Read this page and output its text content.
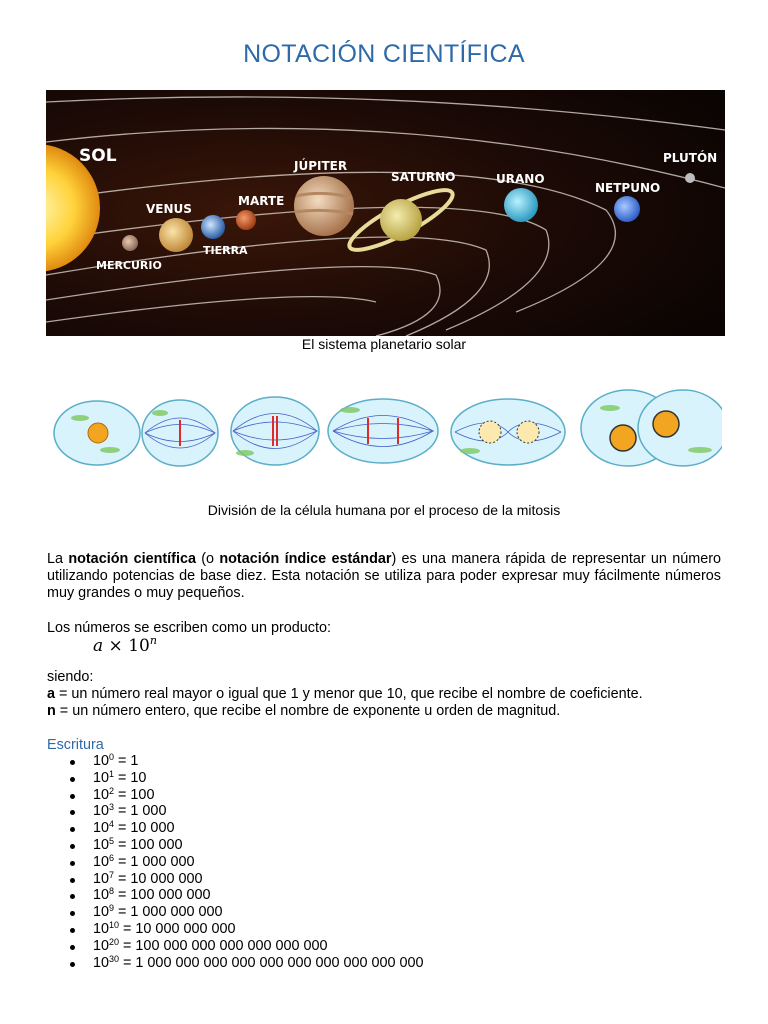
NOTACIÓN CIENTÍFICA
SOL
MERCURIO
VENUS
TIERRA
MARTE
JÚPITER
SATURNO	URANO
NETPUNO
PLUTÓN
El sistema planetario solar
División de la célula humana por el proceso de la mitosis

La notación científica (o notación índice estándar) es una manera rápida de representar un número utilizando potencias de base diez. Esta notación se utiliza para poder expresar muy fácilmente números muy grandes o muy pequeños.

Los números se escriben como un producto:
$a \times 10^n$
siendo:
a = un número real mayor o igual que 1 y menor que 10, que recibe el nombre de coeficiente.
n = un número entero, que recibe el nombre de exponente u orden de magnitud.
Escritura
$10^0 = 1$
$10^1 = 10$
$10^2 = 100$
$10^3 = 1$ 000
$10^4 = 10$ 000
$10^5 = 100$ 000
$10^6 = 1$ 000 000
$10^7 = 10$ 000 000
$10^8 = 100$ 000 000
$10^9 = 1$ 000 000 000
$10^{10} = 10$ 000 000 000
$10^{20} = 100$ 000 000 000 000 000 000
$10^{30} = 1$ 000 000 000 000 000 000 000 000 000 000
